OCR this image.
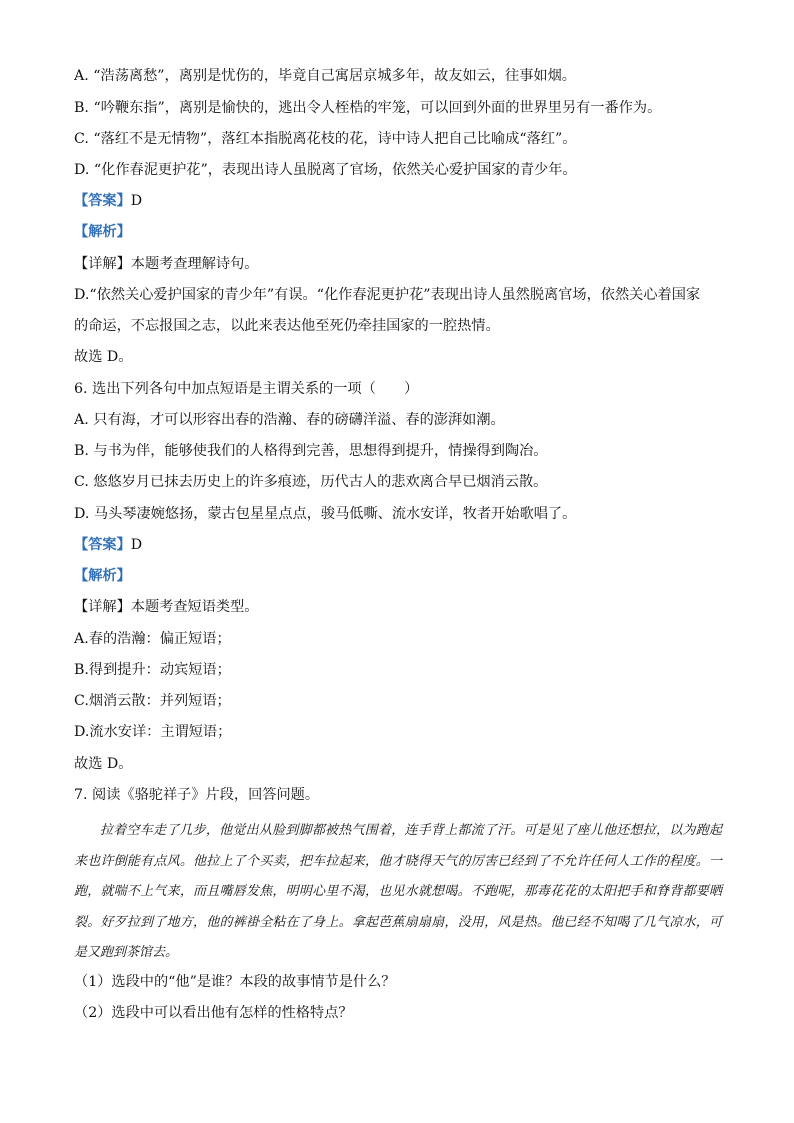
A. “浩荡离愁”，离别是忧伤的，毕竟自己寓居京城多年，故友如云，往事如烟。
B. “吟鞭东指”，离别是愉快的，逃出令人桎梏的牢笼，可以回到外面的世界里另有一番作为。
C. “落红不是无情物”，落红本指脱离花枝的花，诗中诗人把自己比喻成“落红”。
D. “化作春泥更护花”，表现出诗人虽脱离了官场，依然关心爱护国家的青少年。
【答案】D
【解析】
【详解】本题考查理解诗句。
D.“依然关心爱护国家的青少年”有误。“化作春泥更护花”表现出诗人虽然脱离官场，依然关心着国家
的命运，不忘报国之志，以此来表达他至死仍牵挂国家的一腔热情。
故选 D。
6. 选出下列各句中加点短语是主谓关系的一项（　　）
A. 只有海，才可以形容出春的浩瀚、春的磅礴洋溢、春的澎湃如潮。
B. 与书为伴，能够使我们的人格得到完善，思想得到提升，情操得到陶冶。
C. 悠悠岁月已抹去历史上的许多痕迹，历代古人的悲欢离合早已烟消云散。
D. 马头琴凄婉悠扬，蒙古包星星点点，骏马低嘶、流水安详，牧者开始歌唱了。
【答案】D
【解析】
【详解】本题考查短语类型。
A.春的浩瀚：偏正短语；
B.得到提升：动宾短语；
C.烟消云散：并列短语；
D.流水安详：主谓短语；
故选 D。
7. 阅读《骆驼祥子》片段，回答问题。
拉着空车走了几步，他觉出从脸到脚都被热气围着，连手背上都流了汗。可是见了座儿他还想拉，以为跑起来也许倒能有点风。他拉上了个买卖，把车拉起来，他才晓得天气的厉害已经到了不允许任何人工作的程度。一跑，就喘不上气来，而且嘴唇发焦，明明心里不渴，也见水就想喝。不跑呢，那毒花花的太阳把手和脊背都要晒裂。好歹拉到了地方，他的裤褂全粘在了身上。拿起芭蕉扇扇扇，没用，风是热。他已经不知喝了几气凉水，可是又跑到茶馆去。
（1）选段中的“他”是谁？本段的故事情节是什么？
（2）选段中可以看出他有怎样的性格特点？
